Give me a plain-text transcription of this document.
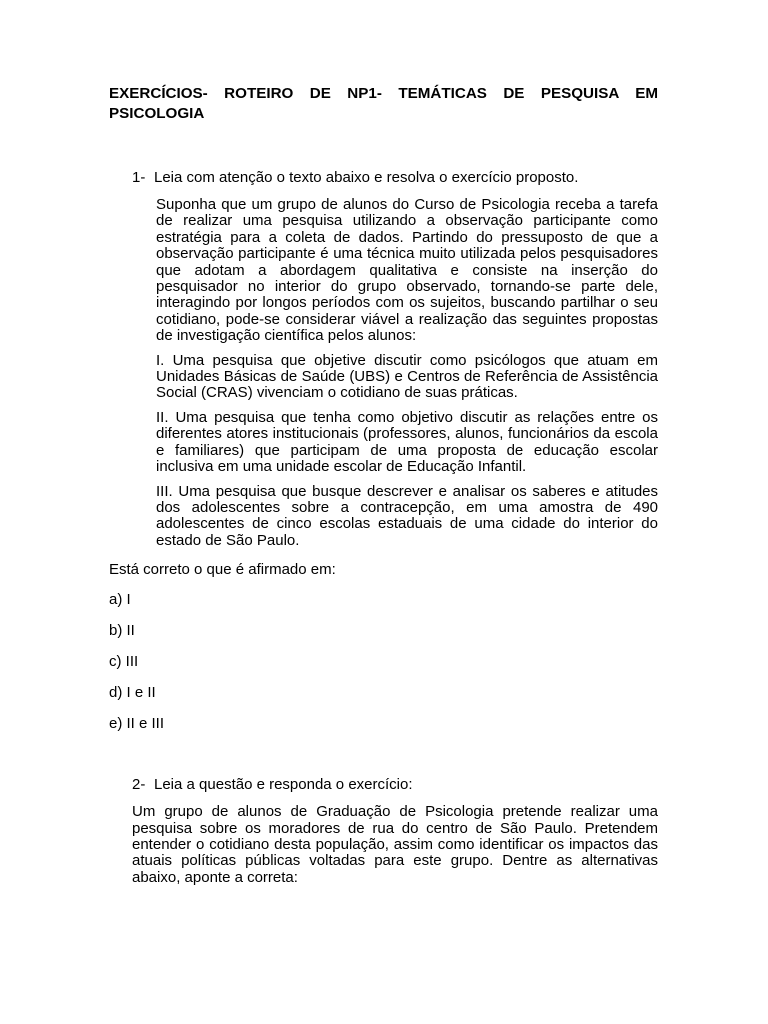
EXERCÍCIOS- ROTEIRO DE NP1- TEMÁTICAS DE PESQUISA EM
PSICOLOGIA

1- Leia com atenção o texto abaixo e resolva o exercício proposto.

Suponha que um grupo de alunos do Curso de Psicologia receba a tarefa de realizar uma pesquisa utilizando a observação participante como estratégia para a coleta de dados. Partindo do pressuposto de que a observação participante é uma técnica muito utilizada pelos pesquisadores que adotam a abordagem qualitativa e consiste na inserção do pesquisador no interior do grupo observado, tornando-se parte dele, interagindo por longos períodos com os sujeitos, buscando partilhar o seu cotidiano, pode-se considerar viável a realização das seguintes propostas de investigação científica pelos alunos:

I. Uma pesquisa que objetive discutir como psicólogos que atuam em Unidades Básicas de Saúde (UBS) e Centros de Referência de Assistência Social (CRAS) vivenciam o cotidiano de suas práticas.

II. Uma pesquisa que tenha como objetivo discutir as relações entre os diferentes atores institucionais (professores, alunos, funcionários da escola e familiares) que participam de uma proposta de educação escolar inclusiva em uma unidade escolar de Educação Infantil.

III. Uma pesquisa que busque descrever e analisar os saberes e atitudes dos adolescentes sobre a contracepção, em uma amostra de 490 adolescentes de cinco escolas estaduais de uma cidade do interior do estado de São Paulo.

Está correto o que é afirmado em:

a) I

b) II

c) III

d) I e II

e) II e III

2- Leia a questão e responda o exercício:

Um grupo de alunos de Graduação de Psicologia pretende realizar uma pesquisa sobre os moradores de rua do centro de São Paulo. Pretendem entender o cotidiano desta população, assim como identificar os impactos das atuais políticas públicas voltadas para este grupo. Dentre as alternativas abaixo, aponte a correta:
